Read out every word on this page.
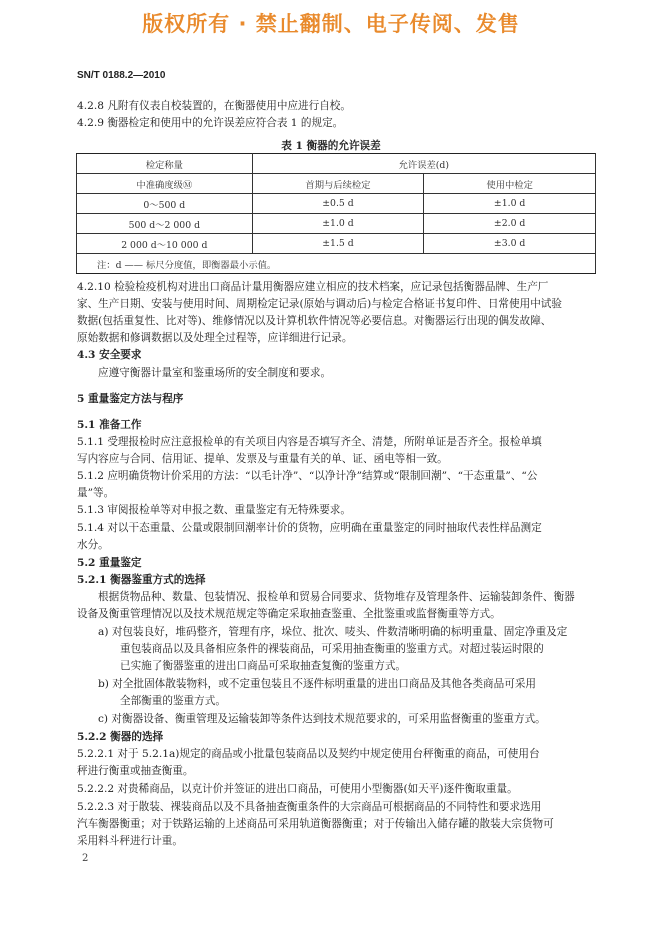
版权所有 · 禁止翻制、电子传阅、发售
SN/T 0188.2—2010
4.2.8 凡附有仪表自校装置的，在衡器使用中应进行自校。
4.2.9 衡器检定和使用中的允许误差应符合表 1 的规定。
表 1 衡器的允许误差
检定称量	允许误差(d)	
中准确度级Ⓜ	首期与后续检定	使用中检定
0～500 d	±0.5 d	±1.0 d
500 d～2 000 d	±1.0 d	±2.0 d
2 000 d～10 000 d	±1.5 d	±3.0 d
注：d —— 标尺分度值，即衡器最小示值。		
4.2.10 检验检疫机构对进出口商品计量用衡器应建立相应的技术档案，应记录包括衡器品牌、生产厂
家、生产日期、安装与使用时间、周期检定记录(原始与调动后)与检定合格证书复印件、日常使用中试验
数据(包括重复性、比对等)、维修情况以及计算机软件情况等必要信息。对衡器运行出现的偶发故障、
原始数据和修调数据以及处理全过程等，应详细进行记录。
4.3 安全要求
应遵守衡器计量室和鉴重场所的安全制度和要求。
5 重量鉴定方法与程序
5.1 准备工作
5.1.1 受理报检时应注意报检单的有关项目内容是否填写齐全、清楚，所附单证是否齐全。报检单填
写内容应与合同、信用证、提单、发票及与重量有关的单、证、函电等相一致。
5.1.2 应明确货物计价采用的方法：“以毛计净”、“以净计净”结算或“限制回潮”、“干态重量”、“公
量”等。
5.1.3 审阅报检单等对申报之数、重量鉴定有无特殊要求。
5.1.4 对以干态重量、公量或限制回潮率计价的货物，应明确在重量鉴定的同时抽取代表性样品测定
水分。
5.2 重量鉴定
5.2.1 衡器鉴重方式的选择
根据货物品种、数量、包装情况、报检单和贸易合同要求、货物堆存及管理条件、运输装卸条件、衡器
设备及衡重管理情况以及技术规范规定等确定采取抽查鉴重、全批鉴重或监督衡重等方式。
a) 对包装良好，堆码整齐，管理有序，垛位、批次、唛头、件数清晰明确的标明重量、固定净重及定
重包装商品以及具备相应条件的裸装商品，可采用抽查衡重的鉴重方式。对超过装运时限的
已实施了衡器鉴重的进出口商品可采取抽查复衡的鉴重方式。
b) 对全批固体散装物料，或不定重包装且不逐件标明重量的进出口商品及其他各类商品可采用
全部衡重的鉴重方式。
c) 对衡器设备、衡重管理及运输装卸等条件达到技术规范要求的，可采用监督衡重的鉴重方式。
5.2.2 衡器的选择
5.2.2.1 对于 5.2.1a)规定的商品或小批量包装商品以及契约中规定使用台秤衡重的商品，可使用台
秤进行衡重或抽查衡重。
5.2.2.2 对贵稀商品，以克计价并签证的进出口商品，可使用小型衡器(如天平)逐件衡取重量。
5.2.2.3 对于散装、裸装商品以及不具备抽查衡重条件的大宗商品可根据商品的不同特性和要求选用
汽车衡器衡重；对于铁路运输的上述商品可采用轨道衡器衡重；对于传输出入储存罐的散装大宗货物可
采用料斗秤进行计重。
2
